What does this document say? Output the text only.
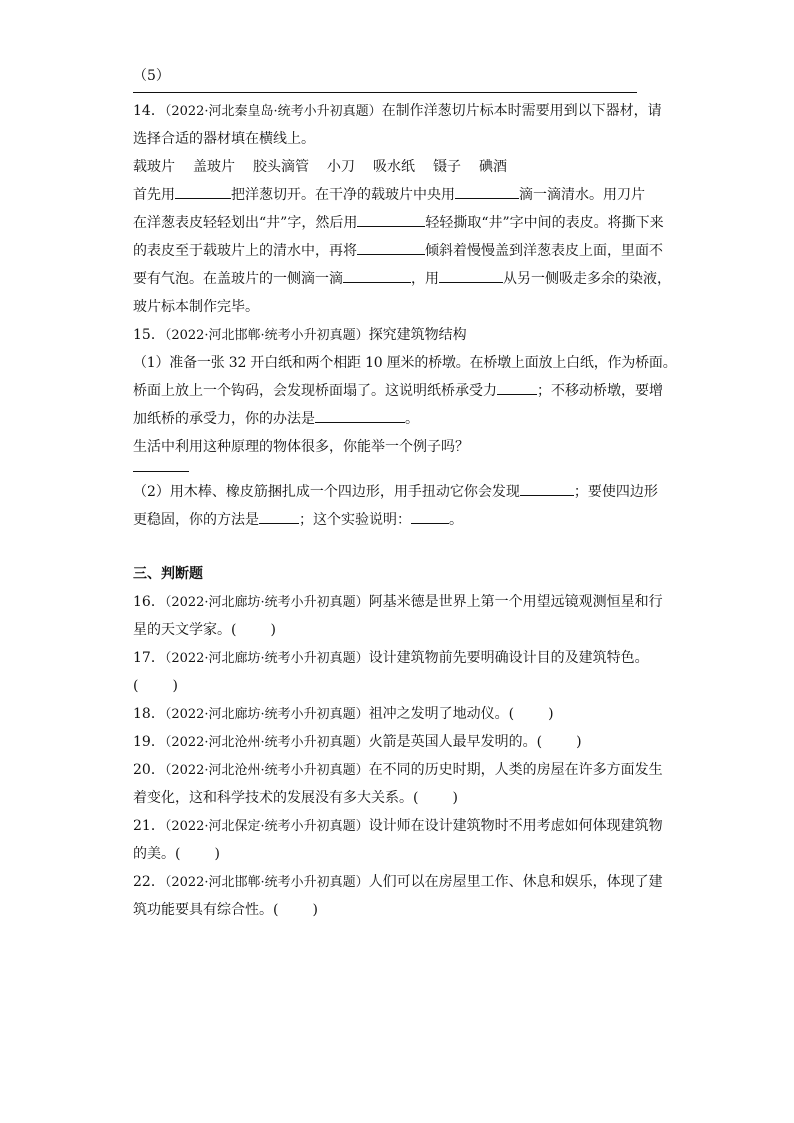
（5）
14．（2022·河北秦皇岛·统考小升初真题）在制作洋葱切片标本时需要用到以下器材，请
选择合适的器材填在横线上。
载玻片 盖玻片 胶头滴管 小刀 吸水纸 镊子 碘酒
首先用	把洋葱切开。在干净的载玻片中央用	滴一滴清水。用刀片
在洋葱表皮轻轻划出“井”字，然后用	轻轻撕取“井”字中间的表皮。将撕下来
的表皮至于载玻片上的清水中，再将	倾斜着慢慢盖到洋葱表皮上面，里面不
要有气泡。在盖玻片的一侧滴一滴	，用	从另一侧吸走多余的染液，
玻片标本制作完毕。
15．（2022·河北邯郸·统考小升初真题）探究建筑物结构
（1）准备一张 32 开白纸和两个相距 10 厘米的桥墩。在桥墩上面放上白纸，作为桥面。
桥面上放上一个钩码，会发现桥面塌了。这说明纸桥承受力	；不移动桥墩，要增
加纸桥的承受力，你的办法是	。
生活中利用这种原理的物体很多，你能举一个例子吗？
（2）用木棒、橡皮筋捆扎成一个四边形，用手扭动它你会发现	；要使四边形
更稳固，你的方法是	；这个实验说明：	。
三、判断题
16．（2022·河北廊坊·统考小升初真题）阿基米德是世界上第一个用望远镜观测恒星和行
星的天文学家。( )
17．（2022·河北廊坊·统考小升初真题）设计建筑物前先要明确设计目的及建筑特色。
( )
18．（2022·河北廊坊·统考小升初真题）祖冲之发明了地动仪。( )
19．（2022·河北沧州·统考小升初真题）火箭是英国人最早发明的。( )
20．（2022·河北沧州·统考小升初真题）在不同的历史时期，人类的房屋在许多方面发生
着变化，这和科学技术的发展没有多大关系。( )
21．（2022·河北保定·统考小升初真题）设计师在设计建筑物时不用考虑如何体现建筑物
的美。( )
22．（2022·河北邯郸·统考小升初真题）人们可以在房屋里工作、休息和娱乐，体现了建
筑功能要具有综合性。( )
